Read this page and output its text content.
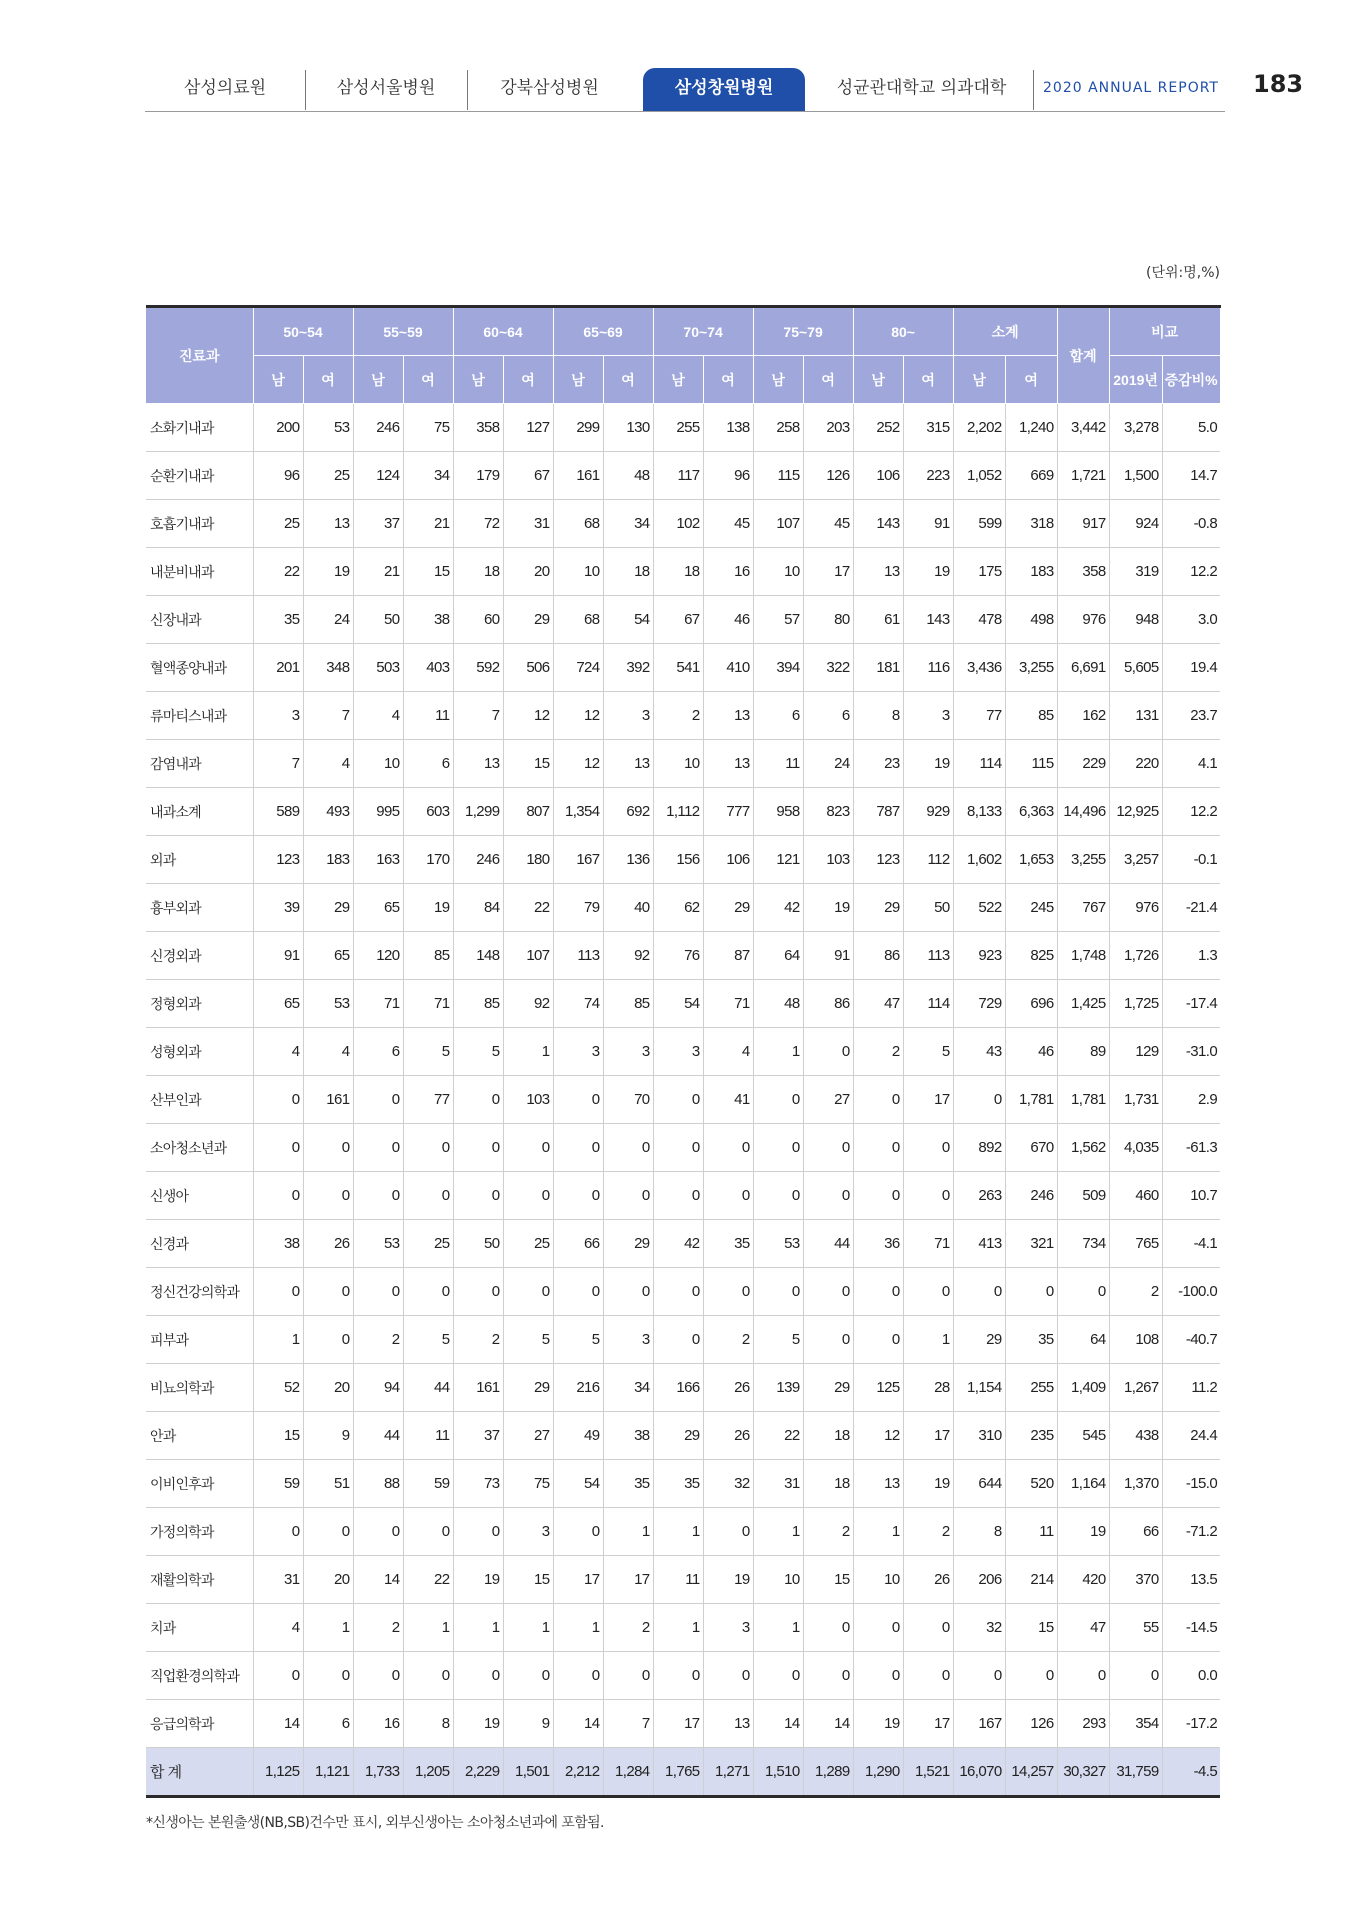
삼성의료원	삼성서울병원	강북삼성병원	삼성창원병원	성균관대학교 의과대학	2020 ANNUAL REPORT 183
(단위:명,%)
진료과	50~54		55~59		60~64		65~69		70~74		75~79		80~		소계		합계	비교	
	남	여	남	여	남	여	남	여	남	여	남	여	남	여	남	여		2019년	증감비%
소화기내과	200	53	246	75	358	127	299	130	255	138	258	203	252	315	2,202	1,240	3,442	3,278	5.0
순환기내과	96	25	124	34	179	67	161	48	117	96	115	126	106	223	1,052	669	1,721	1,500	14.7
호흡기내과	25	13	37	21	72	31	68	34	102	45	107	45	143	91	599	318	917	924	-0.8
내분비내과	22	19	21	15	18	20	10	18	18	16	10	17	13	19	175	183	358	319	12.2
신장내과	35	24	50	38	60	29	68	54	67	46	57	80	61	143	478	498	976	948	3.0
혈액종양내과	201	348	503	403	592	506	724	392	541	410	394	322	181	116	3,436	3,255	6,691	5,605	19.4
류마티스내과	3	7	4	11	7	12	12	3	2	13	6	6	8	3	77	85	162	131	23.7
감염내과	7	4	10	6	13	15	12	13	10	13	11	24	23	19	114	115	229	220	4.1
내과소계	589	493	995	603	1,299	807	1,354	692	1,112	777	958	823	787	929	8,133	6,363	14,496	12,925	12.2
외과	123	183	163	170	246	180	167	136	156	106	121	103	123	112	1,602	1,653	3,255	3,257	-0.1
흉부외과	39	29	65	19	84	22	79	40	62	29	42	19	29	50	522	245	767	976	-21.4
신경외과	91	65	120	85	148	107	113	92	76	87	64	91	86	113	923	825	1,748	1,726	1.3
정형외과	65	53	71	71	85	92	74	85	54	71	48	86	47	114	729	696	1,425	1,725	-17.4
성형외과	4	4	6	5	5	1	3	3	3	4	1	0	2	5	43	46	89	129	-31.0
산부인과	0	161	0	77	0	103	0	70	0	41	0	27	0	17	0	1,781	1,781	1,731	2.9
소아청소년과	0	0	0	0	0	0	0	0	0	0	0	0	0	0	892	670	1,562	4,035	-61.3
신생아	0	0	0	0	0	0	0	0	0	0	0	0	0	0	263	246	509	460	10.7
신경과	38	26	53	25	50	25	66	29	42	35	53	44	36	71	413	321	734	765	-4.1
정신건강의학과	0	0	0	0	0	0	0	0	0	0	0	0	0	0	0	0	0	2	-100.0
피부과	1	0	2	5	2	5	5	3	0	2	5	0	0	1	29	35	64	108	-40.7
비뇨의학과	52	20	94	44	161	29	216	34	166	26	139	29	125	28	1,154	255	1,409	1,267	11.2
안과	15	9	44	11	37	27	49	38	29	26	22	18	12	17	310	235	545	438	24.4
이비인후과	59	51	88	59	73	75	54	35	35	32	31	18	13	19	644	520	1,164	1,370	-15.0
가정의학과	0	0	0	0	0	3	0	1	1	0	1	2	1	2	8	11	19	66	-71.2
재활의학과	31	20	14	22	19	15	17	17	11	19	10	15	10	26	206	214	420	370	13.5
치과	4	1	2	1	1	1	1	2	1	3	1	0	0	0	32	15	47	55	-14.5
직업환경의학과	0	0	0	0	0	0	0	0	0	0	0	0	0	0	0	0	0	0	0.0
응급의학과	14	6	16	8	19	9	14	7	17	13	14	14	19	17	167	126	293	354	-17.2
합 계	1,125	1,121	1,733	1,205	2,229	1,501	2,212	1,284	1,765	1,271	1,510	1,289	1,290	1,521	16,070	14,257	30,327	31,759	-4.5
*신생아는 본원출생(NB,SB)건수만 표시, 외부신생아는 소아청소년과에 포함됨.
